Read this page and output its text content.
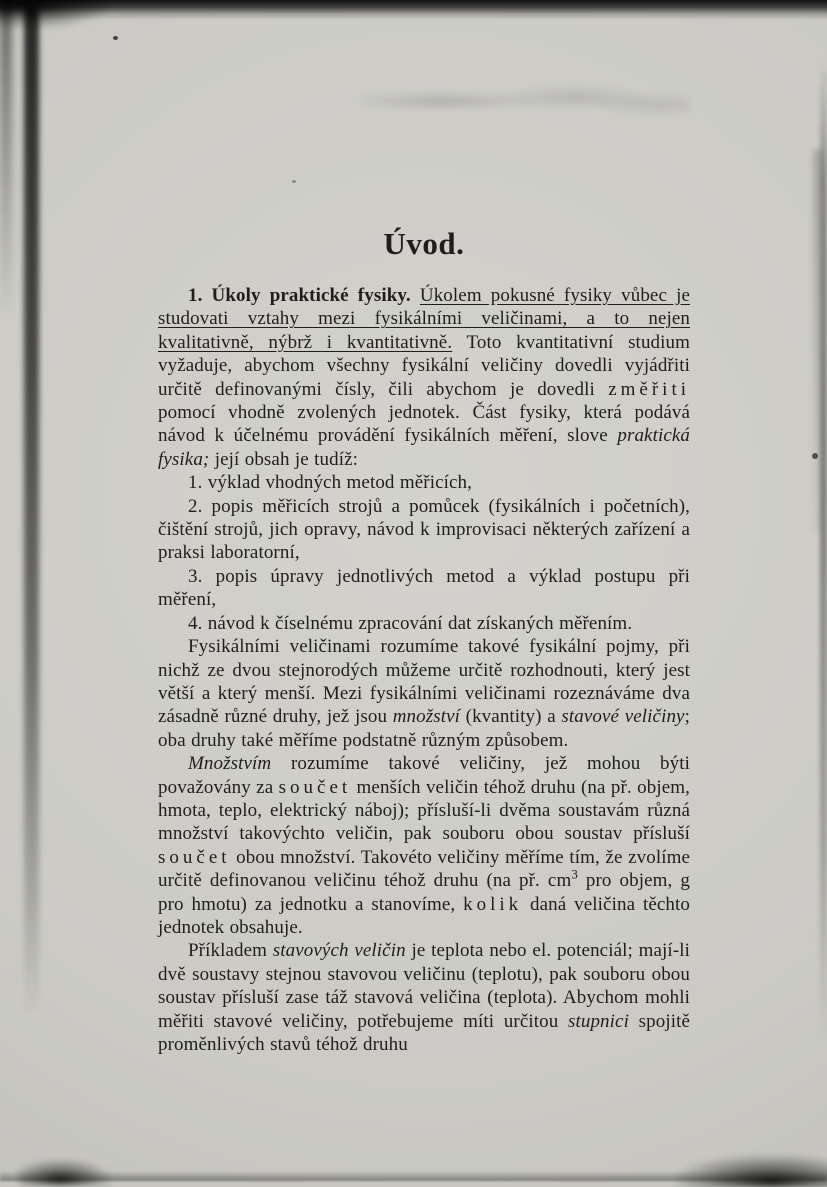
Úvod.

1. Úkoly praktické fysiky. Úkolem pokusné fysiky vůbec je studovati vztahy mezi fysikálními veličinami, a to nejen kvalitativně, nýbrž i kvantitativně. Toto kvantitativní studium vyžaduje, abychom všechny fysikální veličiny dovedli vyjádřiti určitě definovanými čísly, čili abychom je dovedli změřiti pomocí vhodně zvolených jednotek. Část fysiky, která podává návod k účelnému provádění fysikálních měření, slove praktická fysika; její obsah je tudíž:

1. výklad vhodných metod měřicích,

2. popis měřicích strojů a pomůcek (fysikálních i početních), čištění strojů, jich opravy, návod k improvisaci některých zařízení a praksi laboratorní,

3. popis úpravy jednotlivých metod a výklad postupu při měření,

4. návod k číselnému zpracování dat získaných měřením.

Fysikálními veličinami rozumíme takové fysikální pojmy, při nichž ze dvou stejnorodých můžeme určitě rozhodnouti, který jest větší a který menší. Mezi fysikálními veličinami rozeznáváme dva zásadně různé druhy, jež jsou množství (kvantity) a stavové veličiny; oba druhy také měříme podstatně různým způsobem.

Množstvím rozumíme takové veličiny, jež mohou býti považovány za součet menších veličin téhož druhu (na př. objem, hmota, teplo, elektrický náboj); přísluší-li dvěma soustavám různá množství takovýchto veličin, pak souboru obou soustav přísluší součet obou množství. Takovéto veličiny měříme tím, že zvolíme určitě definovanou veličinu téhož druhu (na př. $cm^3$ pro objem, g pro hmotu) za jednotku a stanovíme, kolik daná veličina těchto jednotek obsahuje.

Příkladem stavových veličin je teplota nebo el. potenciál; mají-li dvě soustavy stejnou stavovou veličinu (teplotu), pak souboru obou soustav přísluší zase táž stavová veličina (teplota). Abychom mohli měřiti stavové veličiny, potřebujeme míti určitou stupnici spojitě proměnlivých stavů téhož druhu
